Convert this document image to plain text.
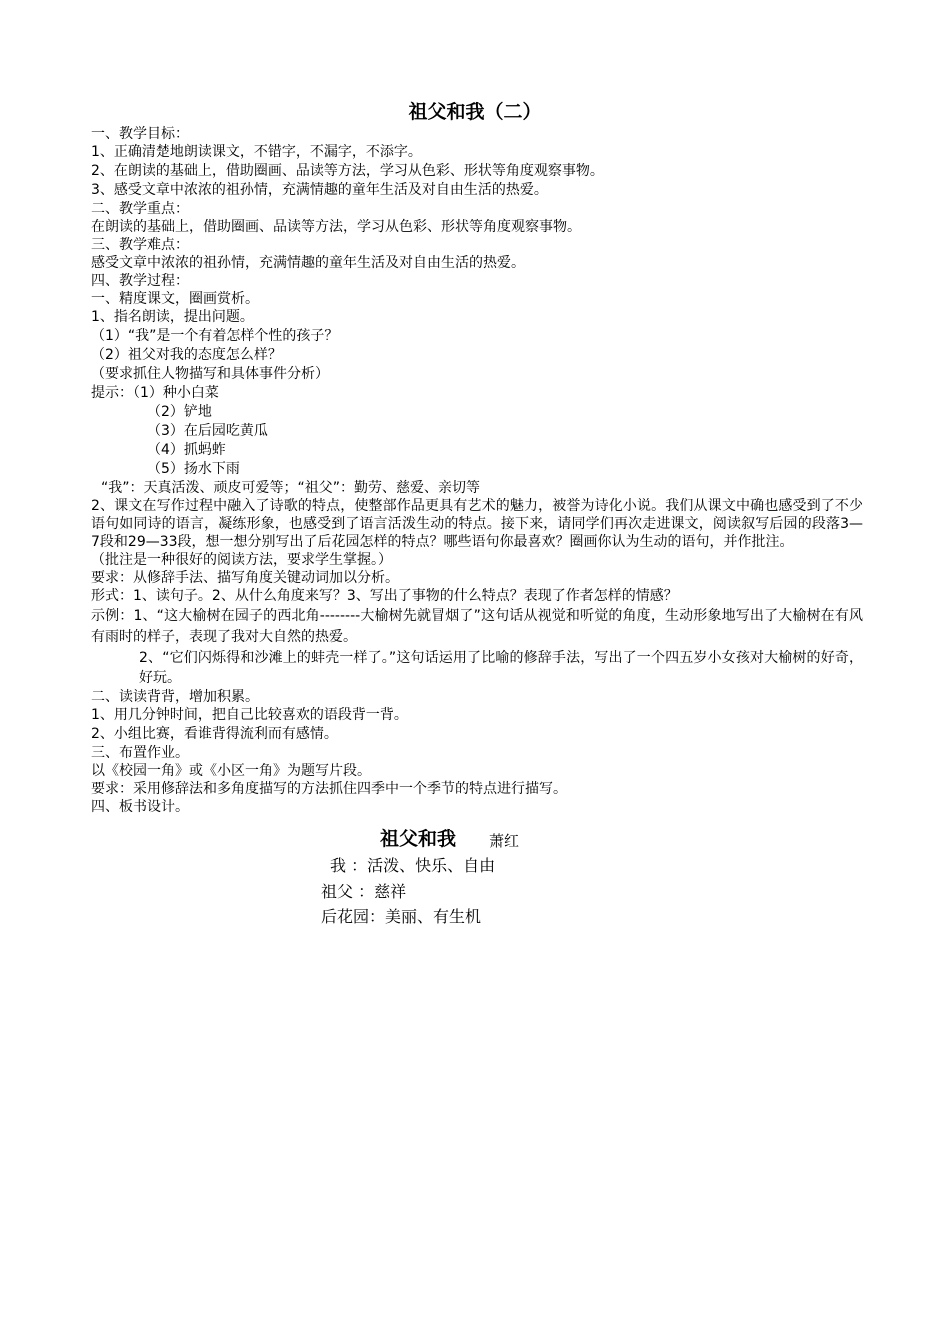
祖父和我（二）
一、教学目标：
1、正确清楚地朗读课文，不错字，不漏字，不添字。
2、在朗读的基础上，借助圈画、品读等方法，学习从色彩、形状等角度观察事物。
3、感受文章中浓浓的祖孙情，充满情趣的童年生活及对自由生活的热爱。
二、教学重点：
在朗读的基础上，借助圈画、品读等方法，学习从色彩、形状等角度观察事物。
三、教学难点：
感受文章中浓浓的祖孙情，充满情趣的童年生活及对自由生活的热爱。
四、教学过程：
一、精度课文，圈画赏析。
1、指名朗读，提出问题。
（1）“我”是一个有着怎样个性的孩子？
（2）祖父对我的态度怎么样？
（要求抓住人物描写和具体事件分析）
提示：（1）种小白菜
（2）铲地
（3）在后园吃黄瓜
（4）抓蚂蚱
（5）扬水下雨
“我”：天真活泼、顽皮可爱等；“祖父”：勤劳、慈爱、亲切等
2、课文在写作过程中融入了诗歌的特点，使整部作品更具有艺术的魅力，被誉为诗化小说。我们从课文中确也感受到了不少语句如同诗的语言，凝练形象，也感受到了语言活泼生动的特点。接下来，请同学们再次走进课文，阅读叙写后园的段落3—7段和29—33段，想一想分别写出了后花园怎样的特点？哪些语句你最喜欢？圈画你认为生动的语句，并作批注。
（批注是一种很好的阅读方法，要求学生掌握。）
要求：从修辞手法、描写角度关键动词加以分析。
形式：1、读句子。2、从什么角度来写？3、写出了事物的什么特点？表现了作者怎样的情感？
示例：1、“这大榆树在园子的西北角--------大榆树先就冒烟了”这句话从视觉和听觉的角度，生动形象地写出了大榆树在有风有雨时的样子，表现了我对大自然的热爱。
2、“它们闪烁得和沙滩上的蚌壳一样了。”这句话运用了比喻的修辞手法，写出了一个四五岁小女孩对大榆树的好奇，好玩。
二、读读背背，增加积累。
1、用几分钟时间，把自己比较喜欢的语段背一背。
2、小组比赛，看谁背得流利而有感情。
三、布置作业。
以《校园一角》或《小区一角》为题写片段。
要求：采用修辞法和多角度描写的方法抓住四季中一个季节的特点进行描写。
四、板书设计。
祖父和我 萧红
我 ：活泼、快乐、自由
祖父 ：慈祥
后花园：美丽、有生机
